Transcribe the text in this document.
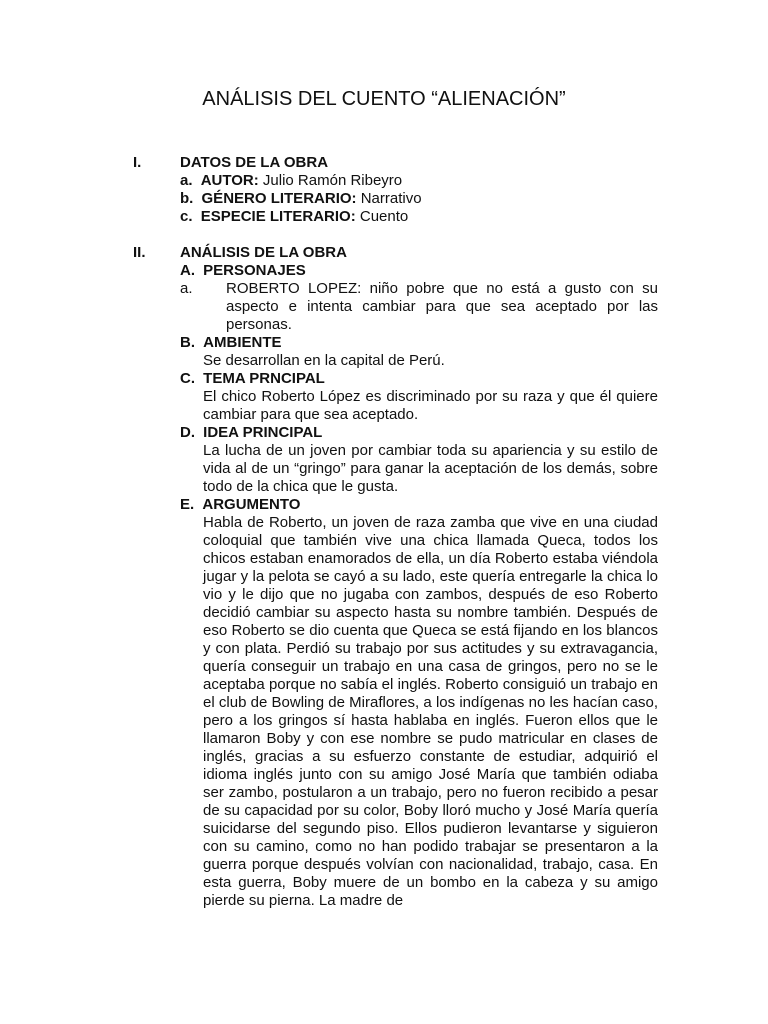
ANÁLISIS DEL CUENTO “ALIENACIÓN”
I.	DATOS DE LA OBRA
a. AUTOR: Julio Ramón Ribeyro
b. GÉNERO LITERARIO: Narrativo
c. ESPECIE LITERARIO: Cuento
II. ANÁLISIS DE LA OBRA
A. PERSONAJES
a. ROBERTO LOPEZ: niño pobre que no está a gusto con su aspecto e intenta cambiar para que sea aceptado por las personas.
B. AMBIENTE
Se desarrollan en la capital de Perú.
C. TEMA PRNCIPAL
El chico Roberto López es discriminado por su raza y que él quiere cambiar para que sea aceptado.
D. IDEA PRINCIPAL
La lucha de un joven por cambiar toda su apariencia y su estilo de vida al de un “gringo” para ganar la aceptación de los demás, sobre todo de la chica que le gusta.
E. ARGUMENTO
Habla de Roberto, un joven de raza zamba que vive en una ciudad coloquial que también vive una chica llamada Queca, todos los chicos estaban enamorados de ella, un día Roberto estaba viéndola jugar y la pelota se cayó a su lado, este quería entregarle la chica lo vio y le dijo que no jugaba con zambos, después de eso Roberto decidió cambiar su aspecto hasta su nombre también. Después de eso Roberto se dio cuenta que Queca se está fijando en los blancos y con plata. Perdió su trabajo por sus actitudes y su extravagancia, quería conseguir un trabajo en una casa de gringos, pero no se le aceptaba porque no sabía el inglés. Roberto consiguió un trabajo en el club de Bowling de Miraflores, a los indígenas no les hacían caso, pero a los gringos sí hasta hablaba en inglés. Fueron ellos que le llamaron Boby y con ese nombre se pudo matricular en clases de inglés, gracias a su esfuerzo constante de estudiar, adquirió el idioma inglés junto con su amigo José María que también odiaba ser zambo, postularon a un trabajo, pero no fueron recibido a pesar de su capacidad por su color, Boby lloró mucho y José María quería suicidarse del segundo piso. Ellos pudieron levantarse y siguieron con su camino, como no han podido trabajar se presentaron a la guerra porque después volvían con nacionalidad, trabajo, casa. En esta guerra, Boby muere de un bombo en la cabeza y su amigo pierde su pierna. La madre de
